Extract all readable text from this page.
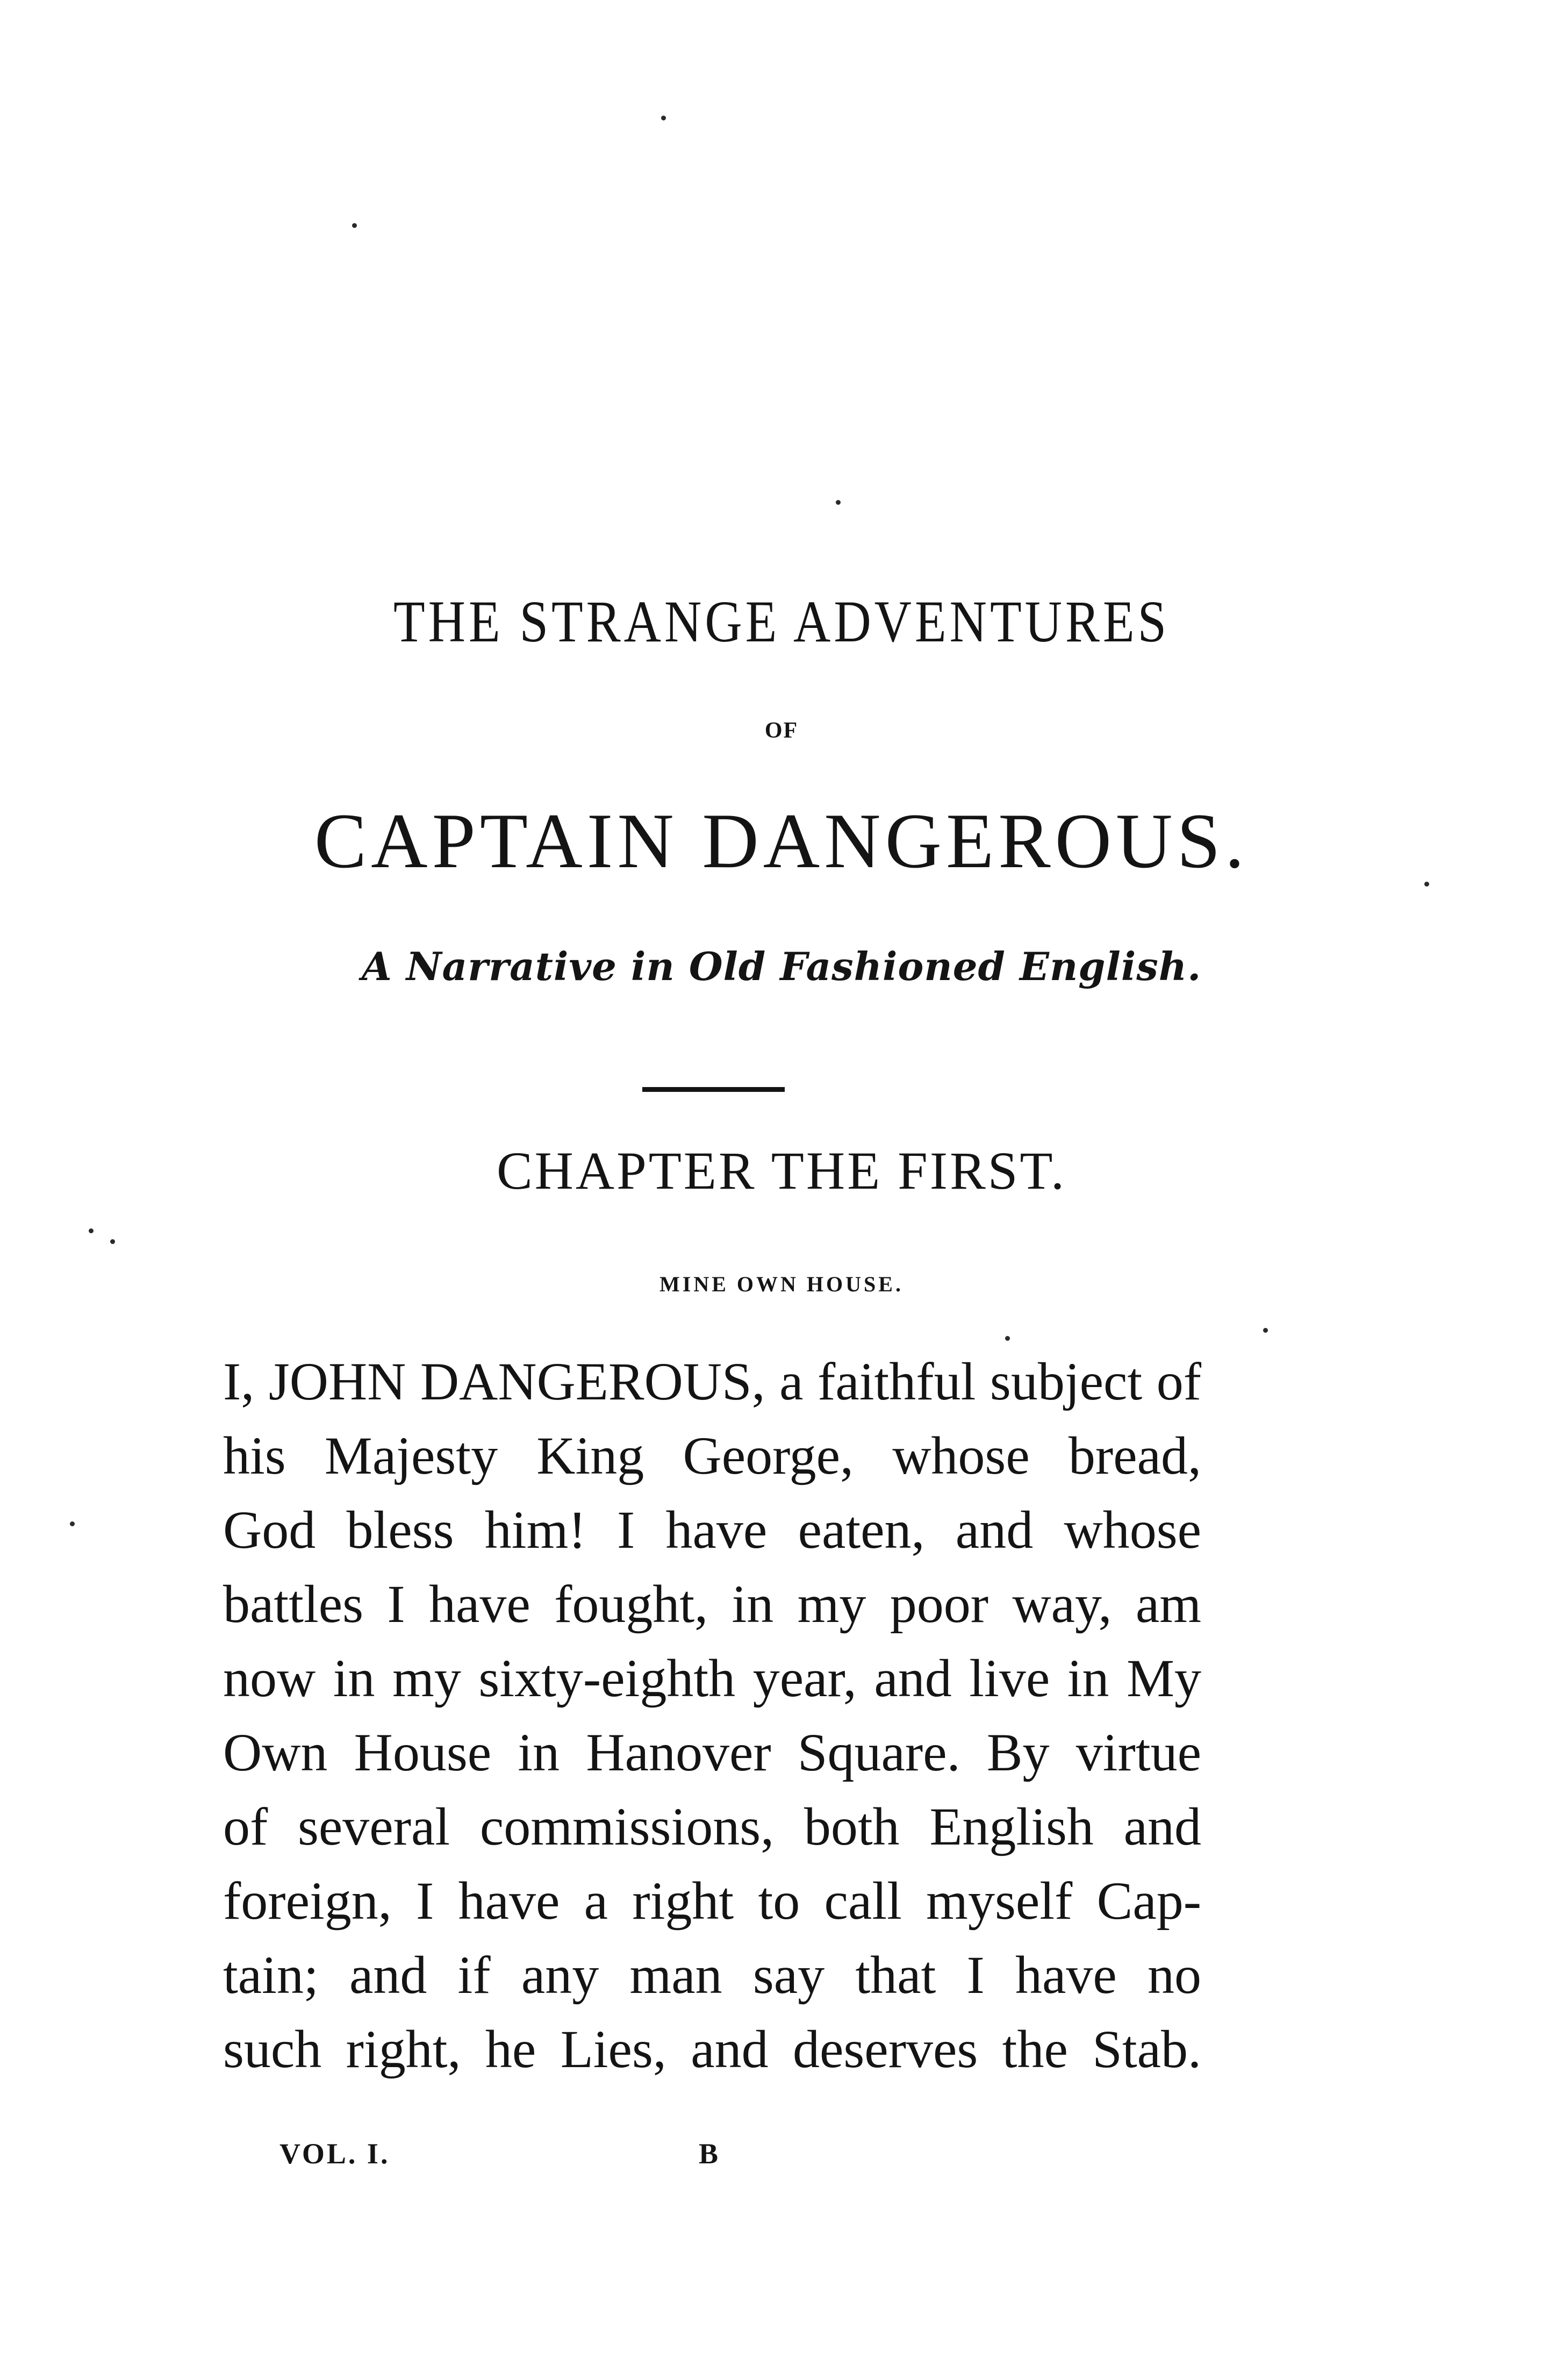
THE STRANGE ADVENTURES
OF
CAPTAIN DANGEROUS.
A Narrative in Old Fashioned English.
CHAPTER THE FIRST.
MINE OWN HOUSE.
I, JOHN DANGEROUS, a faithful subject of
his Majesty King George, whose bread,
God bless him! I have eaten, and whose
battles I have fought, in my poor way, am
now in my sixty-eighth year, and live in My
Own House in Hanover Square. By virtue
of several commissions, both English and
foreign, I have a right to call myself Cap-
tain; and if any man say that I have no
such right, he Lies, and deserves the Stab.
VOL. I.	B
